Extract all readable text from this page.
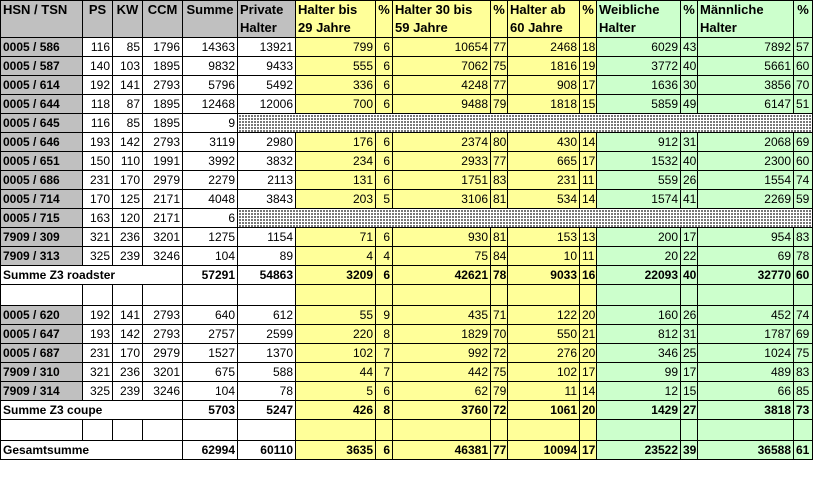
HSN / TSN	PS	KW	CCM	Summe	Private Halter	Halter bis 29 Jahre	%	Halter 30 bis 59 Jahre	%	Halter ab 60 Jahre	%	Weibliche Halter	%	Männliche Halter	%
0005 / 586	116	85	1796	14363	13921	799	6	10654	77	2468	18	6029	43	7892	57
0005 / 587	140	103	1895	9832	9433	555	6	7062	75	1816	19	3772	40	5661	60
0005 / 614	192	141	2793	5796	5492	336	6	4248	77	908	17	1636	30	3856	70
0005 / 644	118	87	1895	12468	12006	700	6	9488	79	1818	15	5859	49	6147	51
0005 / 645	116	85	1895	9											
0005 / 646	193	142	2793	3119	2980	176	6	2374	80	430	14	912	31	2068	69
0005 / 651	150	110	1991	3992	3832	234	6	2933	77	665	17	1532	40	2300	60
0005 / 686	231	170	2979	2279	2113	131	6	1751	83	231	11	559	26	1554	74
0005 / 714	170	125	2171	4048	3843	203	5	3106	81	534	14	1574	41	2269	59
0005 / 715	163	120	2171	6											
7909 / 309	321	236	3201	1275	1154	71	6	930	81	153	13	200	17	954	83
7909 / 313	325	239	3246	104	89	4	4	75	84	10	11	20	22	69	78
Summe Z3 roadster				57291	54863	3209	6	42621	78	9033	16	22093	40	32770	60

0005 / 620	192	141	2793	640	612	55	9	435	71	122	20	160	26	452	74
0005 / 647	193	142	2793	2757	2599	220	8	1829	70	550	21	812	31	1787	69
0005 / 687	231	170	2979	1527	1370	102	7	992	72	276	20	346	25	1024	75
7909 / 310	321	236	3201	675	588	44	7	442	75	102	17	99	17	489	83
7909 / 314	325	239	3246	104	78	5	6	62	79	11	14	12	15	66	85
Summe Z3 coupe				5703	5247	426	8	3760	72	1061	20	1429	27	3818	73

Gesamtsumme				62994	60110	3635	6	46381	77	10094	17	23522	39	36588	61
